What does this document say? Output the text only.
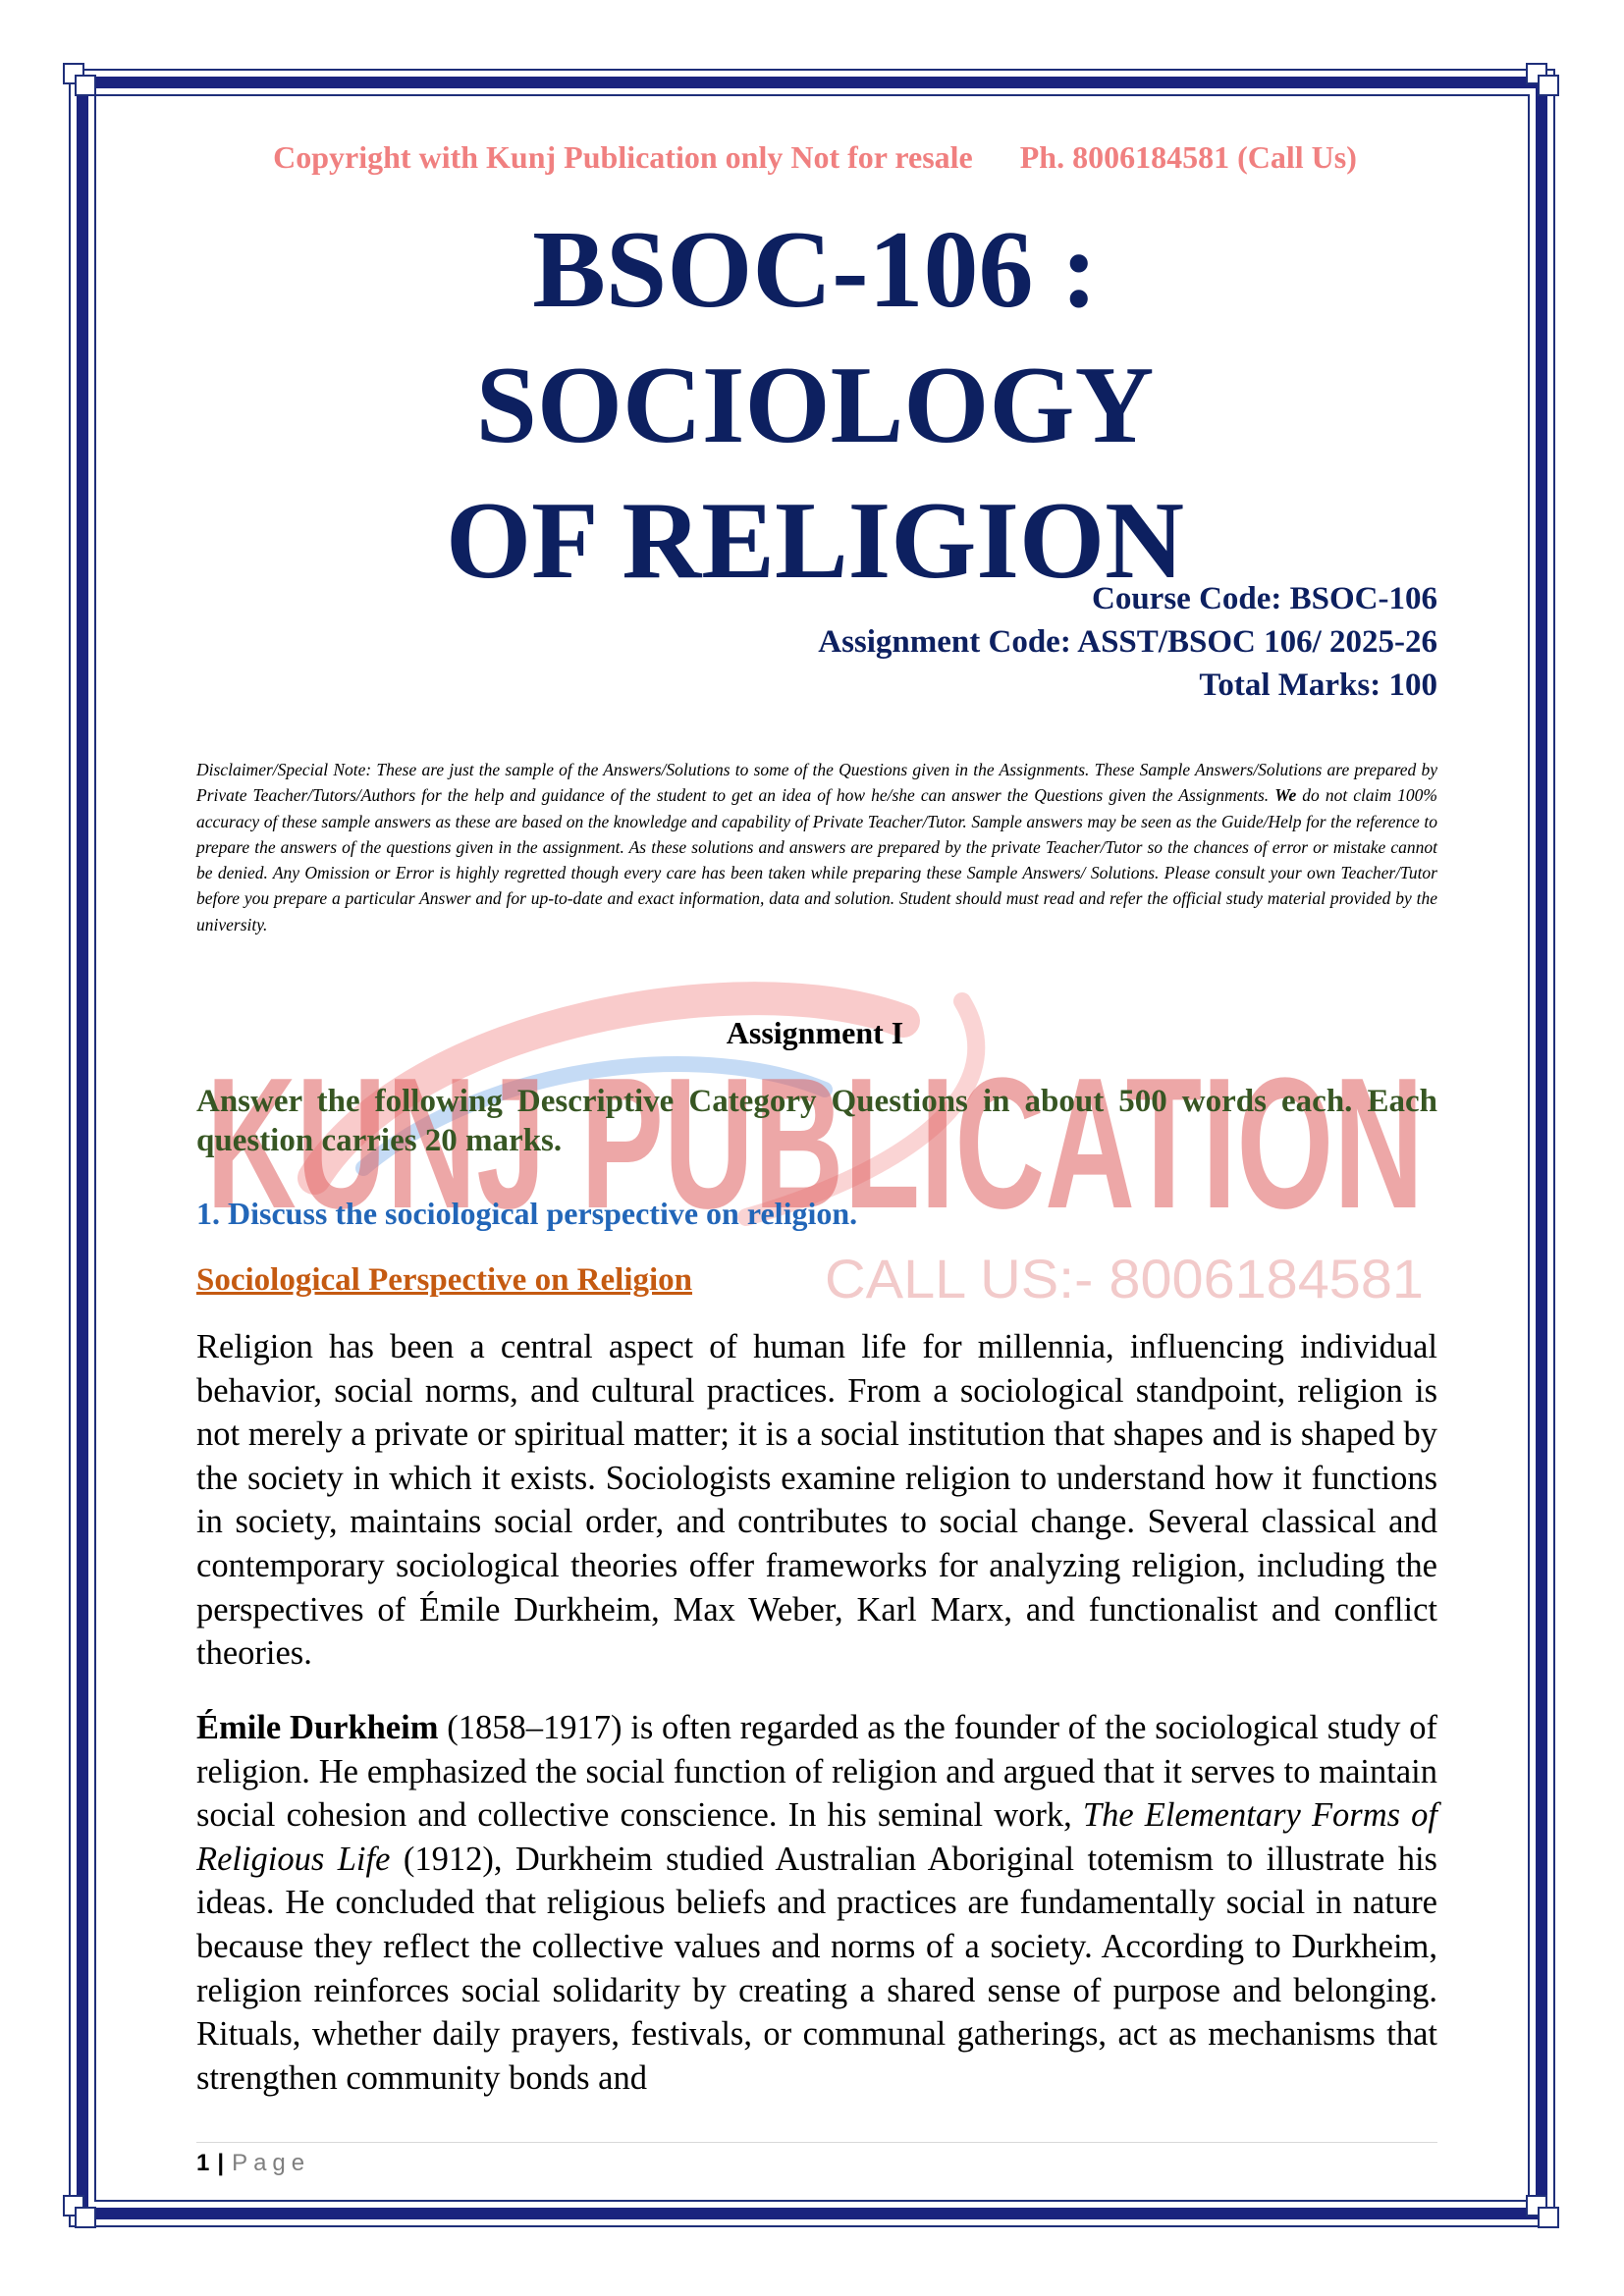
KUNJ PUBLICATION
CALL US:- 8006184581
Copyright with Kunj Publication only Not for resale      Ph. 8006184581 (Call Us)
BSOC-106 : SOCIOLOGY
OF RELIGION
Course Code: BSOC-106
Assignment Code: ASST/BSOC 106/ 2025-26
Total Marks: 100
Disclaimer/Special Note: These are just the sample of the Answers/Solutions to some of the Questions given in the Assignments. These Sample Answers/Solutions are prepared by Private Teacher/Tutors/Authors for the help and guidance of the student to get an idea of how he/she can answer the Questions given the Assignments. We do not claim 100% accuracy of these sample answers as these are based on the knowledge and capability of Private Teacher/Tutor. Sample answers may be seen as the Guide/Help for the reference to prepare the answers of the questions given in the assignment. As these solutions and answers are prepared by the private Teacher/Tutor so the chances of error or mistake cannot be denied. Any Omission or Error is highly regretted though every care has been taken while preparing these Sample Answers/ Solutions. Please consult your own Teacher/Tutor before you prepare a particular Answer and for up-to-date and exact information, data and solution. Student should must read and refer the official study material provided by the university.
Assignment I
Answer the following Descriptive Category Questions in about 500 words each. Each question carries 20 marks.
1. Discuss the sociological perspective on religion.
Sociological Perspective on Religion
Religion has been a central aspect of human life for millennia, influencing individual behavior, social norms, and cultural practices. From a sociological standpoint, religion is not merely a private or spiritual matter; it is a social institution that shapes and is shaped by the society in which it exists. Sociologists examine religion to understand how it functions in society, maintains social order, and contributes to social change. Several classical and contemporary sociological theories offer frameworks for analyzing religion, including the perspectives of Émile Durkheim, Max Weber, Karl Marx, and functionalist and conflict theories.
Émile Durkheim (1858–1917) is often regarded as the founder of the sociological study of religion. He emphasized the social function of religion and argued that it serves to maintain social cohesion and collective conscience. In his seminal work, The Elementary Forms of Religious Life (1912), Durkheim studied Australian Aboriginal totemism to illustrate his ideas. He concluded that religious beliefs and practices are fundamentally social in nature because they reflect the collective values and norms of a society. According to Durkheim, religion reinforces social solidarity by creating a shared sense of purpose and belonging. Rituals, whether daily prayers, festivals, or communal gatherings, act as mechanisms that strengthen community bonds and
1 | Page
